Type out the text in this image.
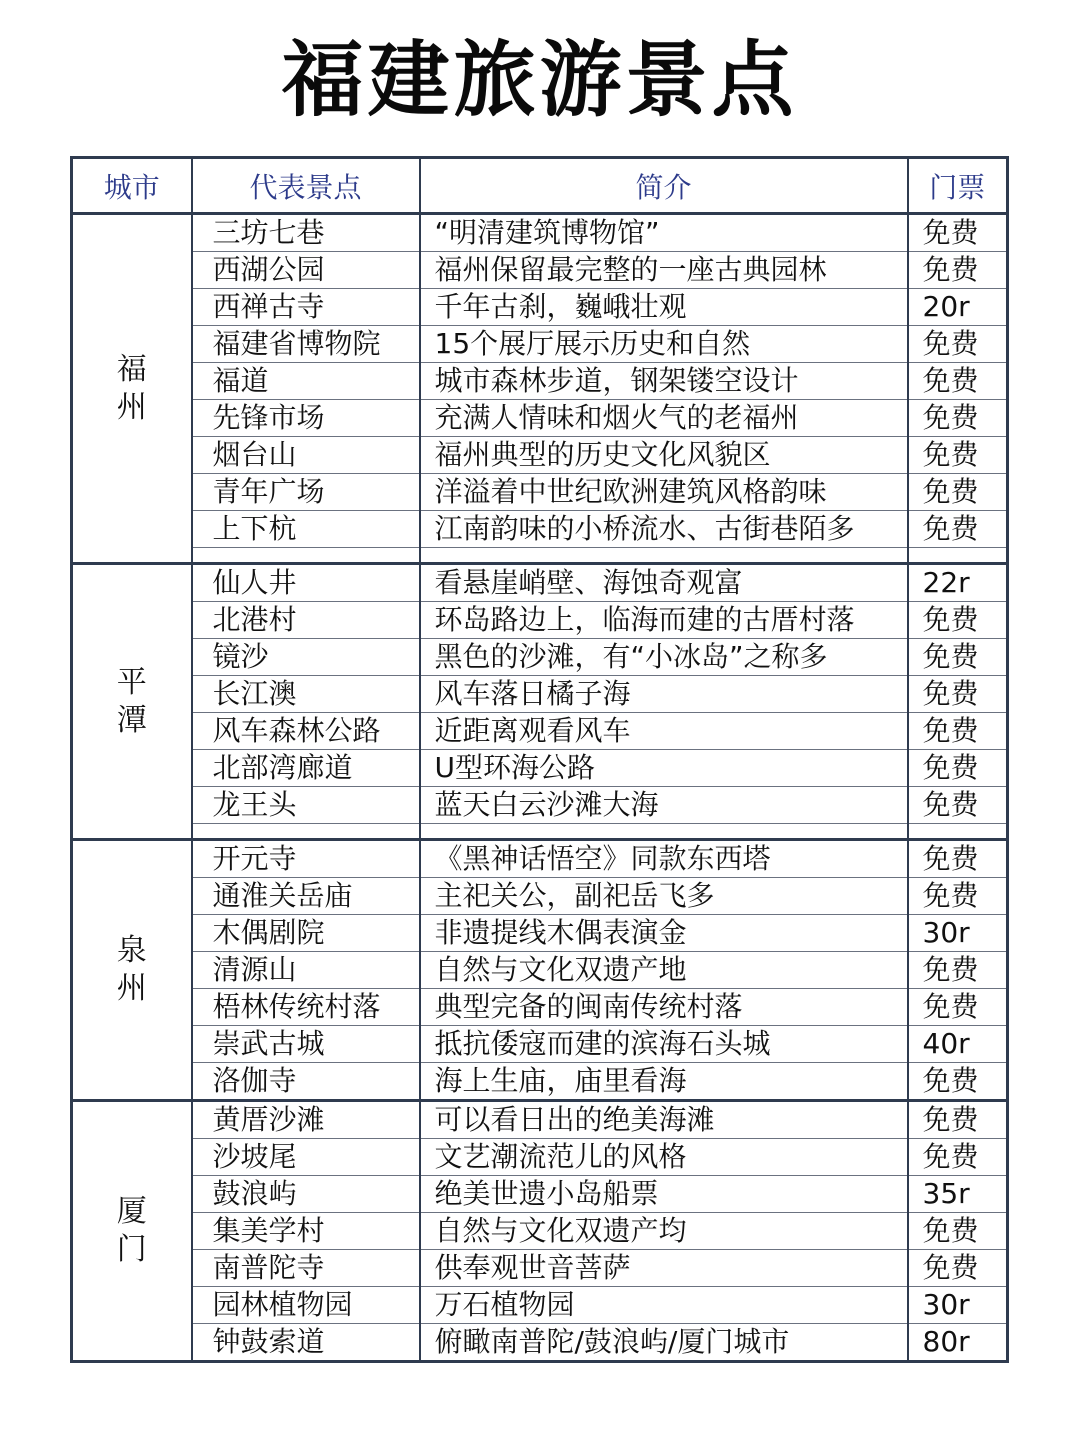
福建旅游景点
城市	代表景点	简介	门票
福州	三坊七巷	“明清建筑博物馆”	免费
	西湖公园	福州保留最完整的一座古典园林	免费
	西禅古寺	千年古刹，巍峨壮观	20r
	福建省博物院	15个展厅展示历史和自然	免费
	福道	城市森林步道，钢架镂空设计	免费
	先锋市场	充满人情味和烟火气的老福州	免费
	烟台山	福州典型的历史文化风貌区	免费
	青年广场	洋溢着中世纪欧洲建筑风格韵味	免费
	上下杭	江南韵味的小桥流水、古街巷陌多	免费

平潭	仙人井	看悬崖峭壁、海蚀奇观富	22r
	北港村	环岛路边上，临海而建的古厝村落	免费
	镜沙	黑色的沙滩，有“小冰岛”之称多	免费
	长江澳	风车落日橘子海	免费
	风车森林公路	近距离观看风车	免费
	北部湾廊道	U型环海公路	免费
	龙王头	蓝天白云沙滩大海	免费

泉州	开元寺	《黑神话悟空》同款东西塔	免费
	通淮关岳庙	主祀关公，副祀岳飞多	免费
	木偶剧院	非遗提线木偶表演金	30r
	清源山	自然与文化双遗产地	免费
	梧林传统村落	典型完备的闽南传统村落	免费
	崇武古城	抵抗倭寇而建的滨海石头城	40r
	洛伽寺	海上生庙，庙里看海	免费
厦门	黄厝沙滩	可以看日出的绝美海滩	免费
	沙坡尾	文艺潮流范儿的风格	免费
	鼓浪屿	绝美世遗小岛船票	35r
	集美学村	自然与文化双遗产均	免费
	南普陀寺	供奉观世音菩萨	免费
	园林植物园	万石植物园	30r
	钟鼓索道	俯瞰南普陀/鼓浪屿/厦门城市	80r
